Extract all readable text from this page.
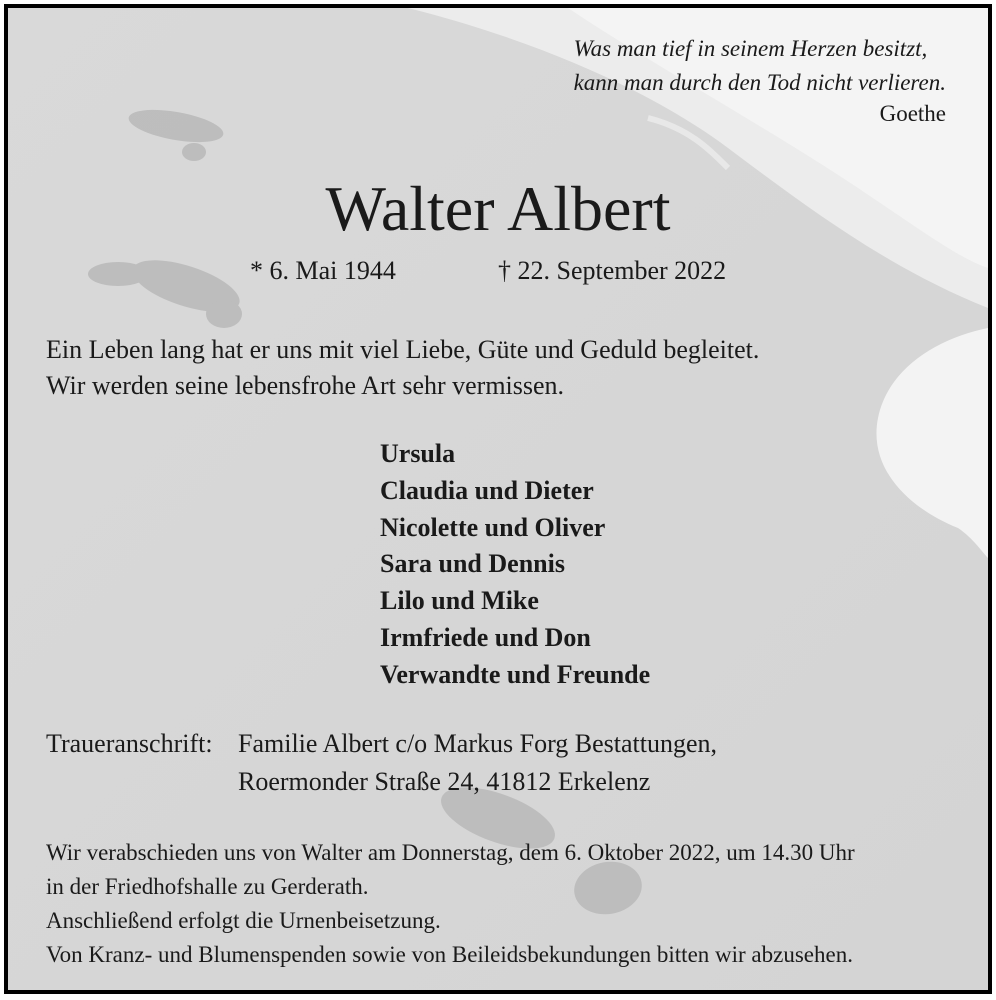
Was man tief in seinem Herzen besitzt,
kann man durch den Tod nicht verlieren.
Goethe
Walter Albert
* 6. Mai 1944	† 22. September 2022
Ein Leben lang hat er uns mit viel Liebe, Güte und Geduld begleitet.
Wir werden seine lebensfrohe Art sehr vermissen.
Ursula
Claudia und Dieter
Nicolette und Oliver
Sara und Dennis
Lilo und Mike
Irmfriede und Don
Verwandte und Freunde
Traueranschrift: Familie Albert c/o Markus Forg Bestattungen,
Roermonder Straße 24, 41812 Erkelenz
Wir verabschieden uns von Walter am Donnerstag, dem 6. Oktober 2022, um 14.30 Uhr
in der Friedhofshalle zu Gerderath.
Anschließend erfolgt die Urnenbeisetzung.
Von Kranz- und Blumenspenden sowie von Beileidsbekundungen bitten wir abzusehen.
